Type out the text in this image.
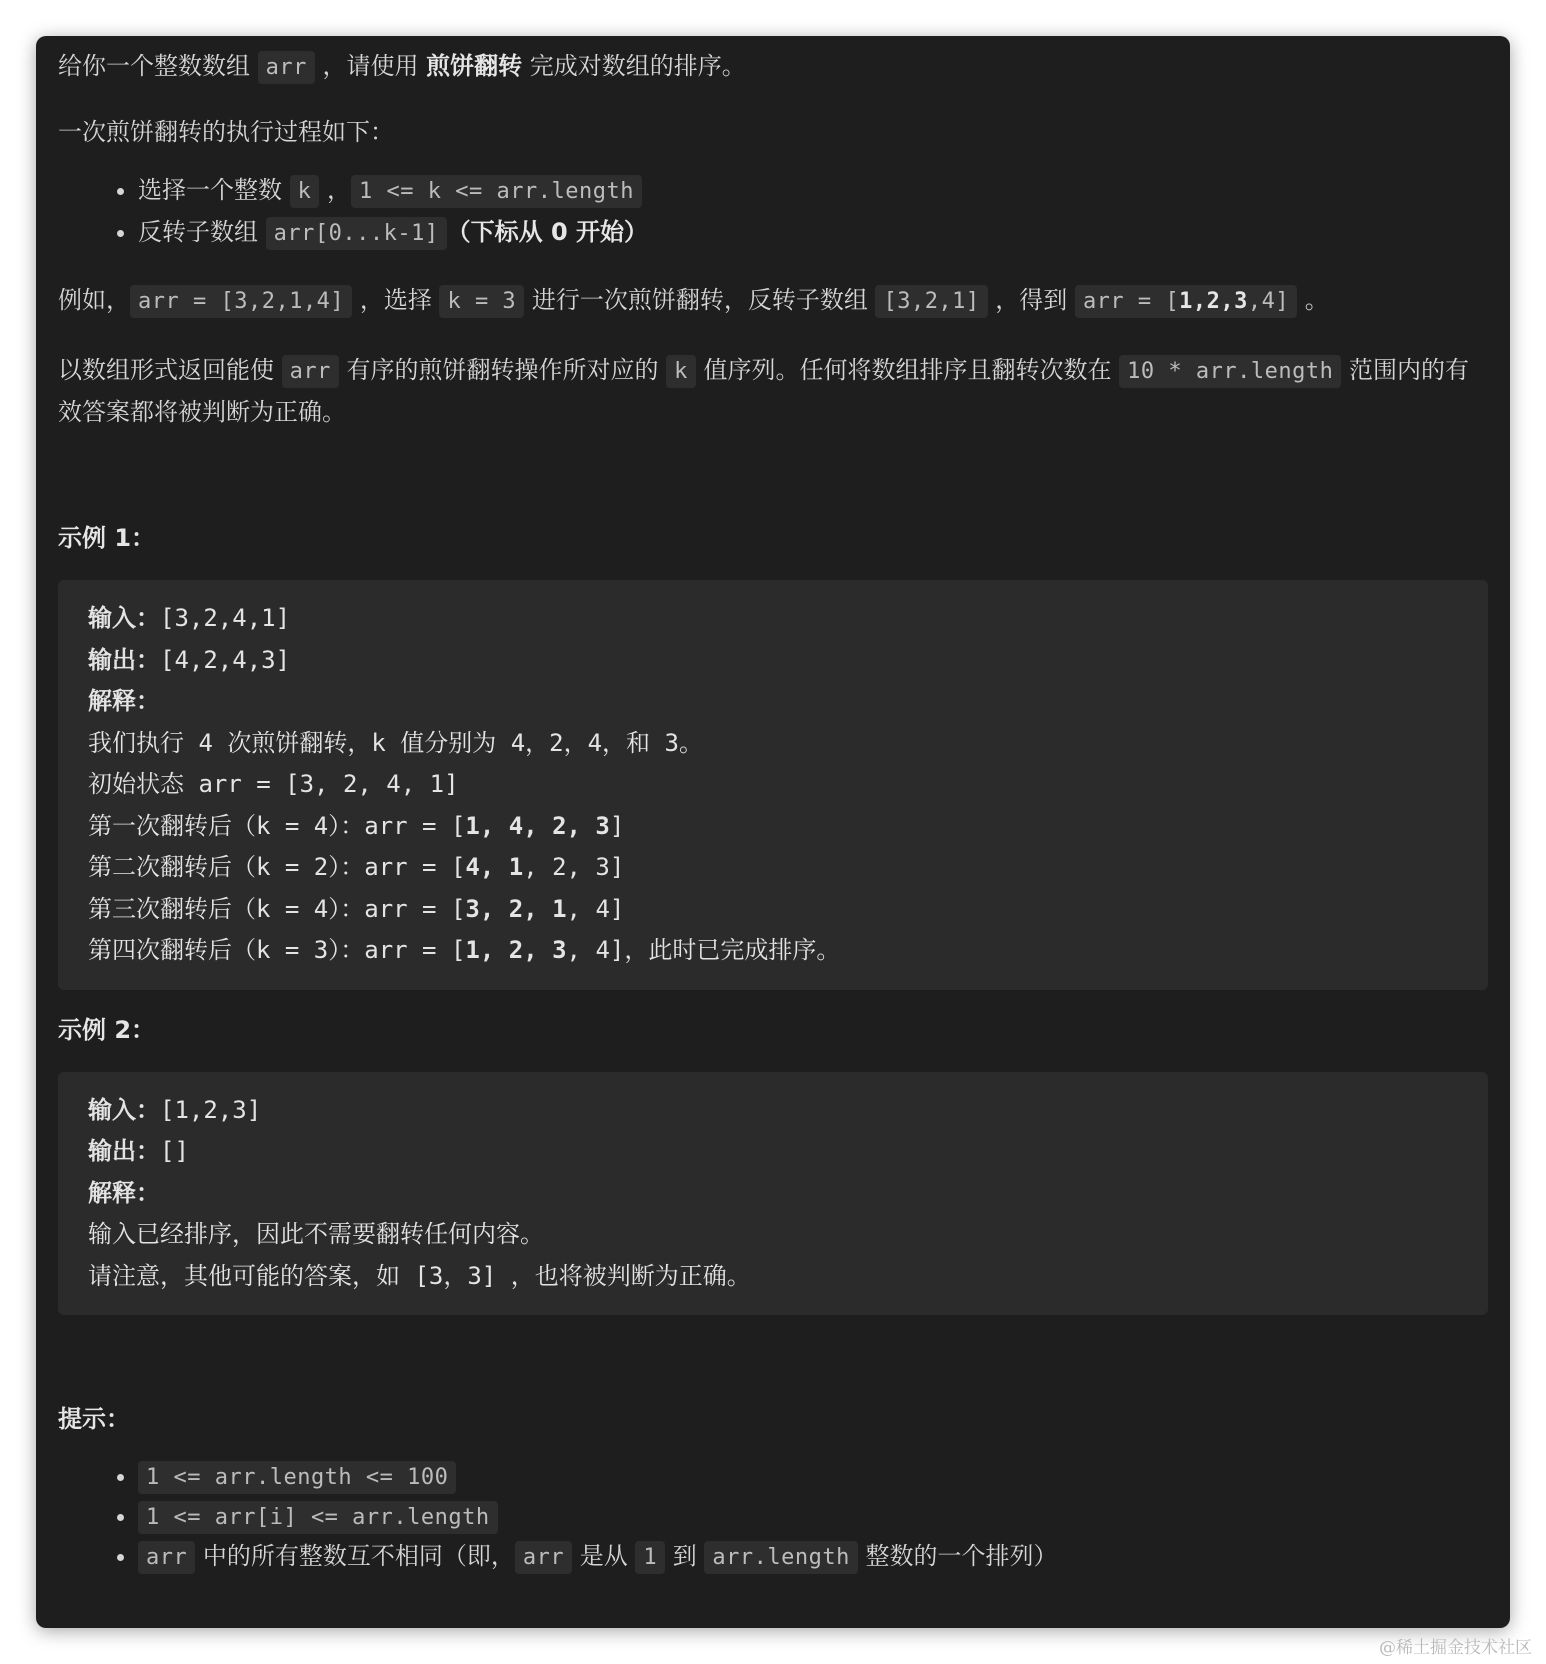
给你一个整数数组 arr ，请使用 煎饼翻转 完成对数组的排序。

一次煎饼翻转的执行过程如下：

• 选择一个整数 k ， 1 <= k <= arr.length
• 反转子数组 arr[0...k-1] （下标从 0 开始）

例如， arr = [3,2,1,4] ，选择 k = 3 进行一次煎饼翻转，反转子数组 [3,2,1] ，得到 arr = [1,2,3,4] 。

以数组形式返回能使 arr 有序的煎饼翻转操作所对应的 k 值序列。任何将数组排序且翻转次数在 10 * arr.length 范围内的有效答案都将被判断为正确。

示例 1：

输入：[3,2,4,1]
输出：[4,2,4,3]
解释：
我们执行 4 次煎饼翻转，k 值分别为 4，2，4，和 3。
初始状态 arr = [3, 2, 4, 1]
第一次翻转后（k = 4）：arr = [1, 4, 2, 3]
第二次翻转后（k = 2）：arr = [4, 1, 2, 3]
第三次翻转后（k = 4）：arr = [3, 2, 1, 4]
第四次翻转后（k = 3）：arr = [1, 2, 3, 4]，此时已完成排序。

示例 2：

输入：[1,2,3]
输出：[]
解释：
输入已经排序，因此不需要翻转任何内容。
请注意，其他可能的答案，如 [3，3] ，也将被判断为正确。

提示：

• 1 <= arr.length <= 100
• 1 <= arr[i] <= arr.length
• arr 中的所有整数互不相同（即， arr 是从 1 到 arr.length 整数的一个排列）
@稀土掘金技术社区
